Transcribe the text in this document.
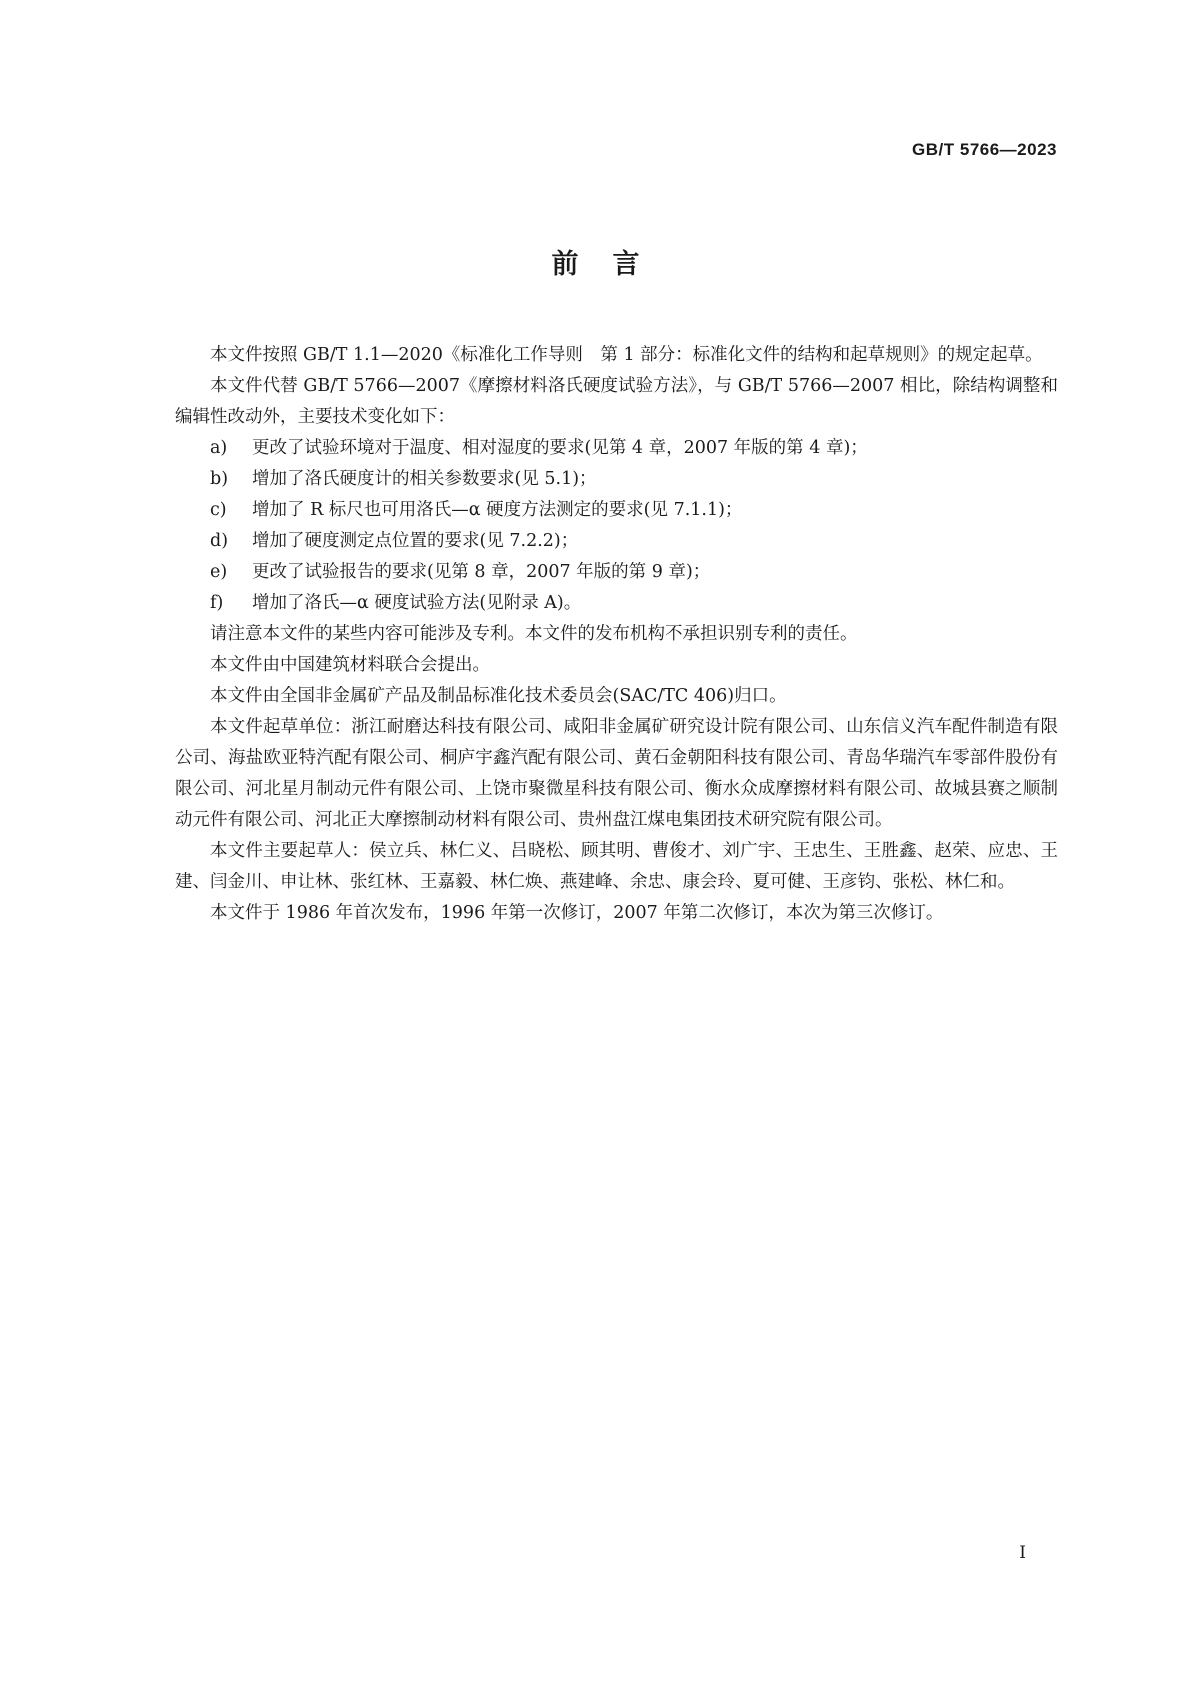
GB/T 5766—2023
前言

本文件按照 GB/T 1.1—2020《标准化工作导则　第 1 部分：标准化文件的结构和起草规则》的规定起草。

本文件代替 GB/T 5766—2007《摩擦材料洛氏硬度试验方法》，与 GB/T 5766—2007 相比，除结构调整和编辑性改动外，主要技术变化如下：

a) 更改了试验环境对于温度、相对湿度的要求(见第 4 章，2007 年版的第 4 章)；
b) 增加了洛氏硬度计的相关参数要求(见 5.1)；
c) 增加了 R 标尺也可用洛氏—α 硬度方法测定的要求(见 7.1.1)；
d) 增加了硬度测定点位置的要求(见 7.2.2)；
e) 更改了试验报告的要求(见第 8 章，2007 年版的第 9 章)；
f) 增加了洛氏—α 硬度试验方法(见附录 A)。

请注意本文件的某些内容可能涉及专利。本文件的发布机构不承担识别专利的责任。

本文件由中国建筑材料联合会提出。

本文件由全国非金属矿产品及制品标准化技术委员会(SAC/TC 406)归口。

本文件起草单位：浙江耐磨达科技有限公司、咸阳非金属矿研究设计院有限公司、山东信义汽车配件制造有限公司、海盐欧亚特汽配有限公司、桐庐宇鑫汽配有限公司、黄石金朝阳科技有限公司、青岛华瑞汽车零部件股份有限公司、河北星月制动元件有限公司、上饶市聚微星科技有限公司、衡水众成摩擦材料有限公司、故城县赛之顺制动元件有限公司、河北正大摩擦制动材料有限公司、贵州盘江煤电集团技术研究院有限公司。

本文件主要起草人：侯立兵、林仁义、吕晓松、顾其明、曹俊才、刘广宇、王忠生、王胜鑫、赵荣、应忠、王建、闫金川、申让林、张红林、王嘉毅、林仁焕、燕建峰、余忠、康会玲、夏可健、王彦钧、张松、林仁和。

本文件于 1986 年首次发布，1996 年第一次修订，2007 年第二次修订，本次为第三次修订。

I
